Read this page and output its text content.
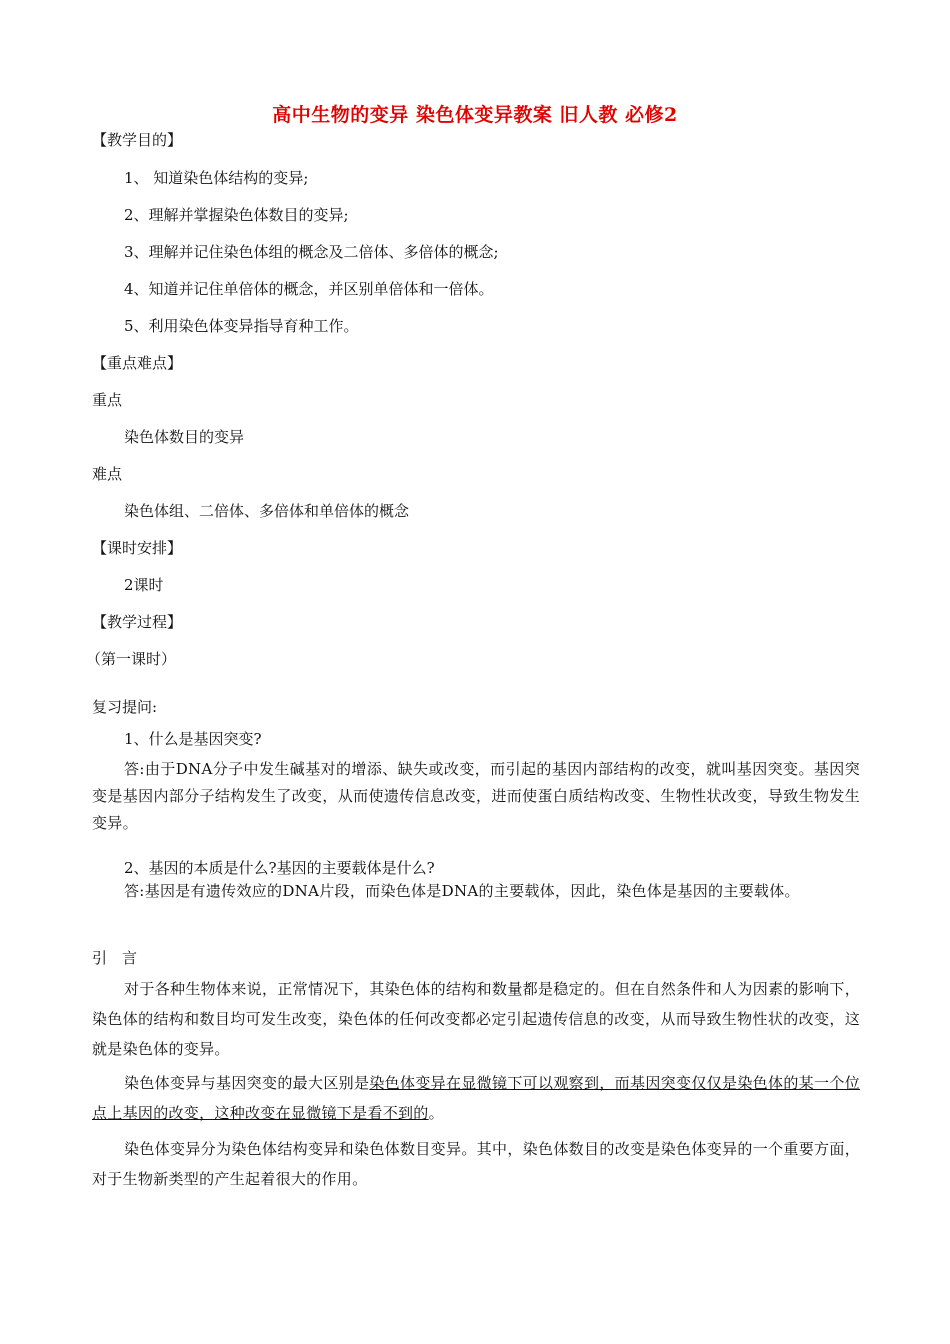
高中生物的变异 染色体变异教案 旧人教 必修2
【教学目的】
1、 知道染色体结构的变异;
2、理解并掌握染色体数目的变异;
3、理解并记住染色体组的概念及二倍体、多倍体的概念;
4、知道并记住单倍体的概念，并区别单倍体和一倍体。
5、利用染色体变异指导育种工作。
【重点难点】
重点
染色体数目的变异
难点
染色体组、二倍体、多倍体和单倍体的概念
【课时安排】
2课时
【教学过程】
（第一课时）
复习提问:
1、什么是基因突变?
答:由于DNA分子中发生碱基对的增添、缺失或改变，而引起的基因内部结构的改变，就叫基因突变。基因突变是基因内部分子结构发生了改变，从而使遗传信息改变，进而使蛋白质结构改变、生物性状改变，导致生物发生变异。
2、基因的本质是什么?基因的主要载体是什么?
答:基因是有遗传效应的DNA片段，而染色体是DNA的主要载体，因此，染色体是基因的主要载体。
引　言
对于各种生物体来说，正常情况下，其染色体的结构和数量都是稳定的。但在自然条件和人为因素的影响下，染色体的结构和数目均可发生改变，染色体的任何改变都必定引起遗传信息的改变，从而导致生物性状的改变，这就是染色体的变异。
染色体变异与基因突变的最大区别是染色体变异在显微镜下可以观察到，而基因突变仅仅是染色体的某一个位点上基因的改变，这种改变在显微镜下是看不到的。
染色体变异分为染色体结构变异和染色体数目变异。其中，染色体数目的改变是染色体变异的一个重要方面，对于生物新类型的产生起着很大的作用。
